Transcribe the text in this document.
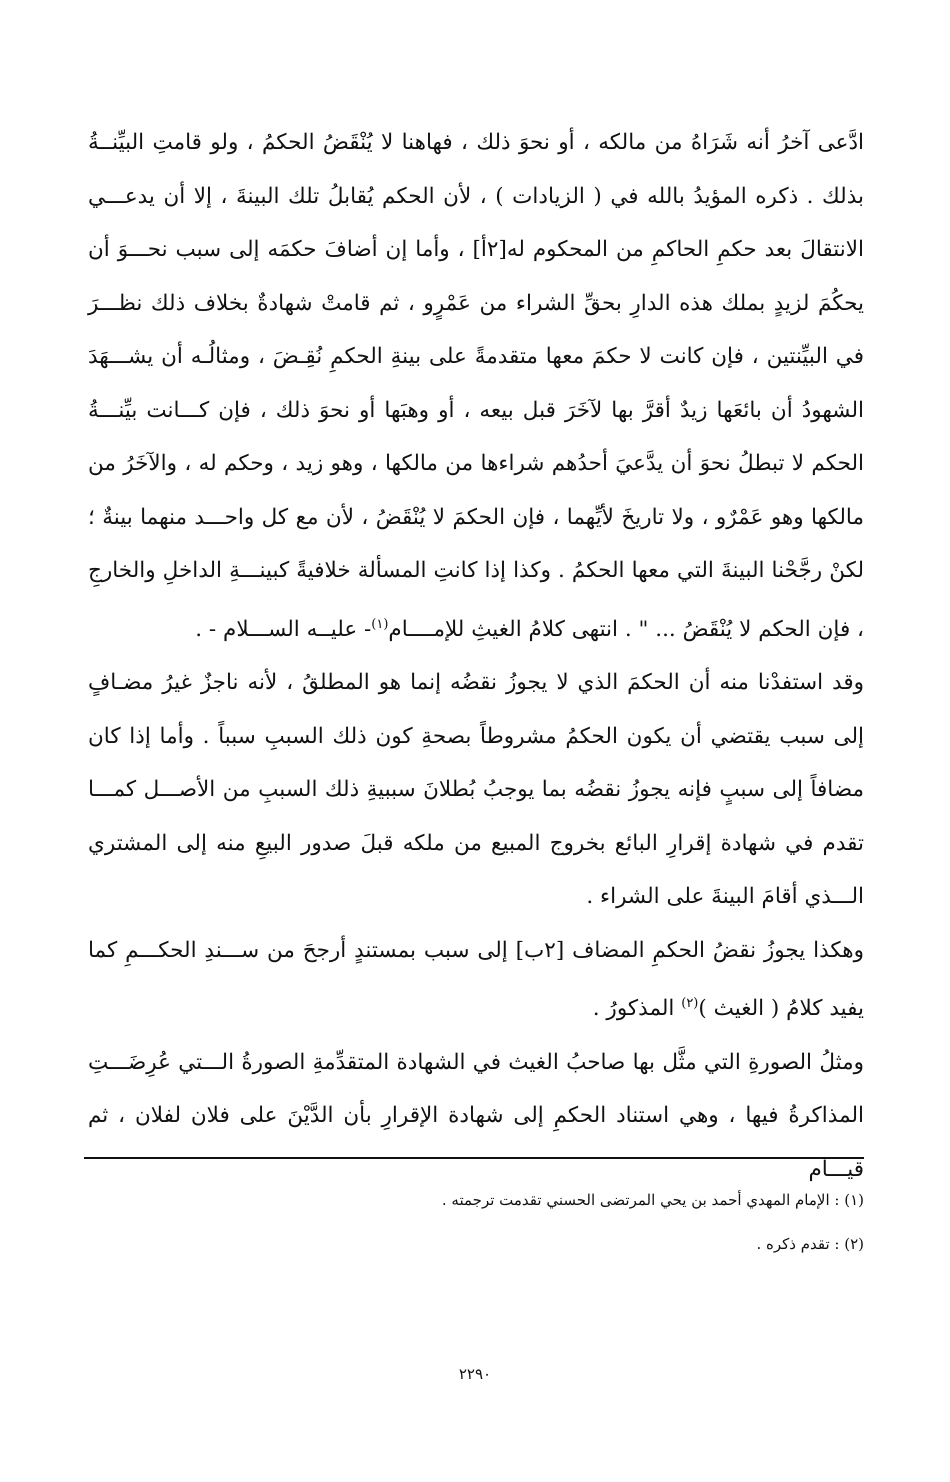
ادَّعى آخرُ أنه شَرَاهُ من مالكه ، أو نحوَ ذلك ، فهاهنا لا يُنْقَضُ الحكمُ ، ولو قامتِ البيِّنــةُ بذلك . ذكره المؤيدُ بالله في ( الزيادات ) ، لأن الحكم يُقابلُ تلك البينةَ ، إلا أن يدعـــي الانتقالَ بعد حكمِ الحاكمِ من المحكوم له[٢أ] ، وأما إن أضافَ حكمَه إلى سبب نحـــوَ أن يحكُمَ لزيدٍ بملك هذه الدارِ بحقِّ الشراء من عَمْرٍو ، ثم قامتْ شهادةٌ بخلاف ذلك نظـــرَ في البيِّنتين ، فإن كانت لا حكمَ معها متقدمةً على بينةِ الحكمِ نُقِـضَ ، ومثالُـه أن يشـــهَدَ الشهودُ أن بائعَها زيدٌ أقرَّ بها لآخَرَ قبل بيعه ، أو وهبَها أو نحوَ ذلك ، فإن كـــانت بيِّنـــةُ الحكم لا تبطلُ نحوَ أن يدَّعيَ أحدُهم شراءها من مالكها ، وهو زيد ، وحكم له ، والآخَرُ من مالكها وهو عَمْرٌو ، ولا تاريخَ لأيِّهما ، فإن الحكمَ لا يُنْقَضُ ، لأن مع كل واحـــد منهما بينةٌ ؛ لكنْ رجَّحْنا البينةَ التي معها الحكمُ . وكذا إذا كانتِ المسألة خلافيةً كبينـــةِ الداخلِ والخارجِ ، فإن الحكم لا يُنْقَضُ ... " . انتهى كلامُ الغيثِ للإمــــام$^{(١)}$- عليــه الســـلام - .

وقد استفدْنا منه أن الحكمَ الذي لا يجوزُ نقضُه إنما هو المطلقُ ، لأنه ناجزٌ غيرُ مضـافٍ إلى سبب يقتضي أن يكون الحكمُ مشروطاً بصحةِ كون ذلك السببِ سبباً . وأما إذا كان مضافاً إلى سببٍ فإنه يجوزُ نقضُه بما يوجبُ بُطلانَ سببيةِ ذلك السببِ من الأصـــل كمـــا تقدم في شهادة إقرارِ البائع بخروج المبيع من ملكه قبلَ صدور البيعِ منه إلى المشتري الـــذي أقامَ البينةَ على الشراء .

وهكذا يجوزُ نقضُ الحكمِ المضاف [٢ب] إلى سبب بمستندٍ أرجحَ من ســـندِ الحكـــمِ كما يفيد كلامُ ( الغيث )$^{(٢)}$ المذكورُ .

ومثلُ الصورةِ التي مثَّل بها صاحبُ الغيث في الشهادة المتقدِّمةِ الصورةُ الـــتي عُرِضَـــتِ المذاكرةُ فيها ، وهي استناد الحكمِ إلى شهادة الإقرارِ بأن الدَّيْنَ على فلان لفلان ، ثم قيـــام

(١) : الإمام المهدي أحمد بن يحي المرتضى الحسني تقدمت ترجمته .

(٢) : تقدم ذكره .

٢٢٩٠
